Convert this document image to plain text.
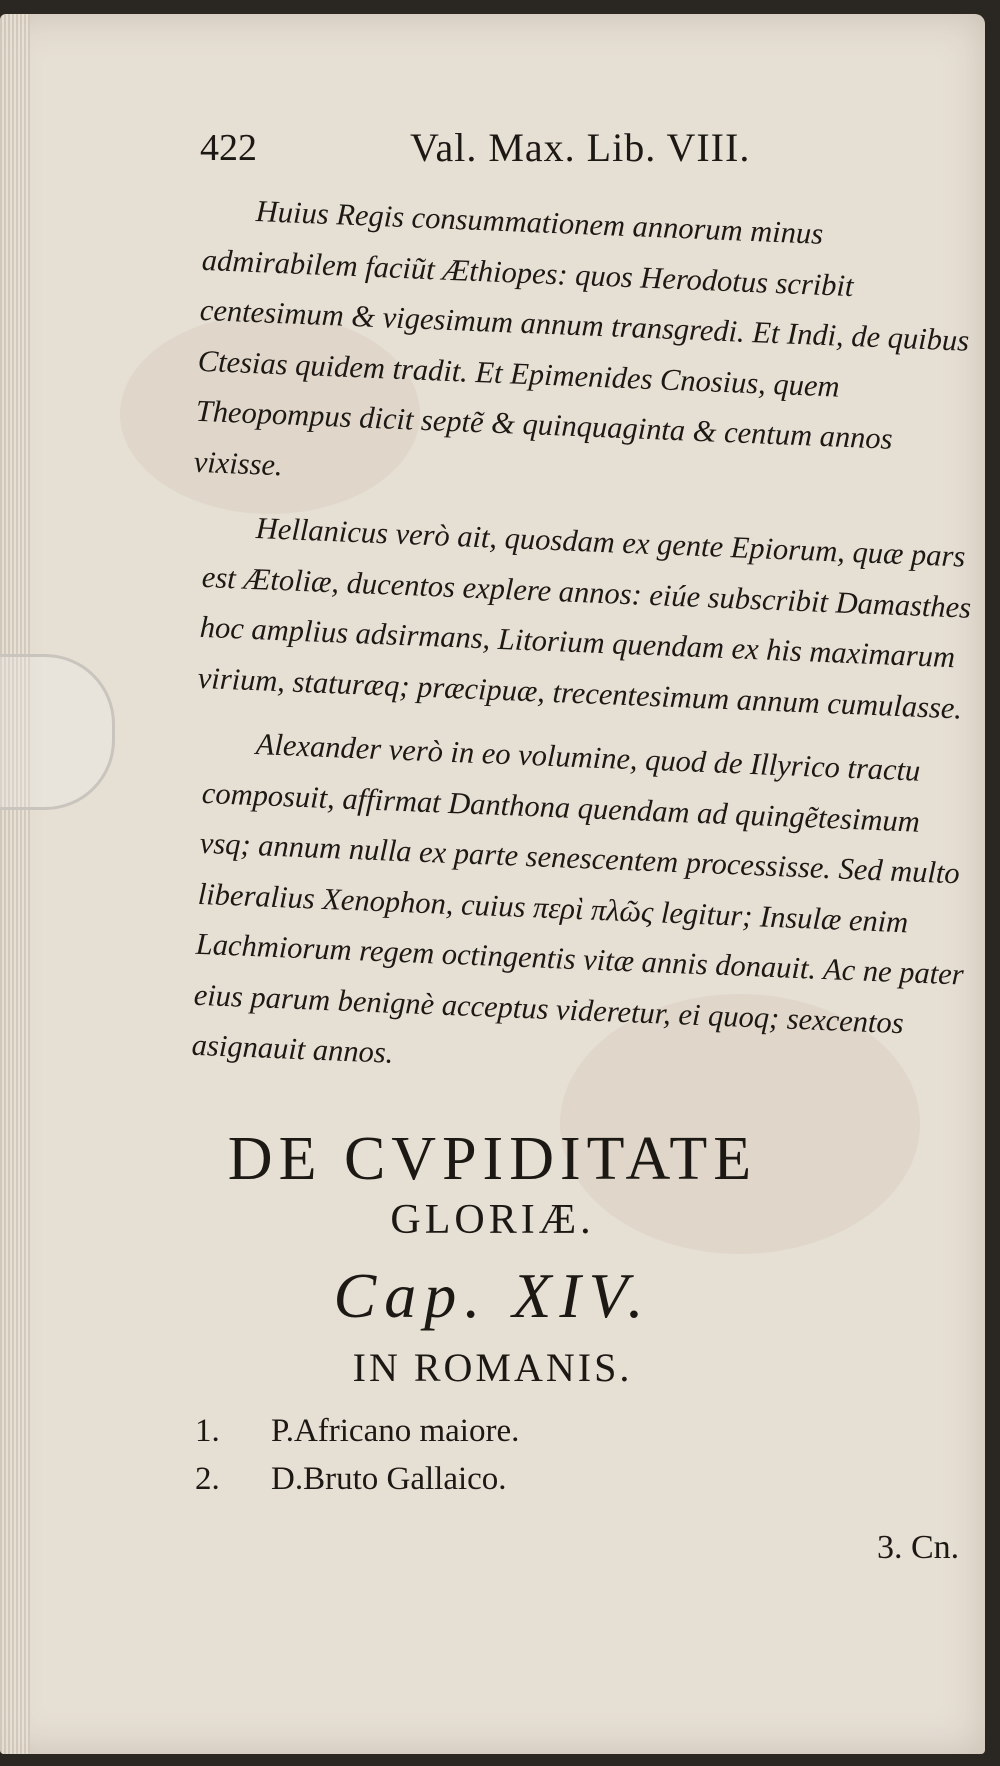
422	Val. Max. Lib. VIII.

Huius Regis consummationem annorum minus admirabilem faciũt Æthiopes: quos Herodotus scribit centesimum & vigesimum annum transgredi. Et Indi, de quibus Ctesias quidem tradit. Et Epimenides Cnosius, quem Theopompus dicit septẽ & quinquaginta & centum annos vixisse.

Hellanicus verò ait, quosdam ex gente Epiorum, quæ pars est Ætoliæ, ducentos explere annos: eiúe subscribit Damasthes hoc amplius adsirmans, Litorium quendam ex his maximarum virium, staturæq; præcipuæ, trecentesimum annum cumulasse.

Alexander verò in eo volumine, quod de Illyrico tractu composuit, affirmat Danthona quendam ad quingẽtesimum vsq; annum nulla ex parte senescentem processisse. Sed multo liberalius Xenophon, cuius περὶ πλῶς legitur; Insulæ enim Lachmiorum regem octingentis vitæ annis donauit. Ac ne pater eius parum benignè acceptus videretur, ei quoq; sexcentos asignauit annos.

DE CVPIDITATE
GLORIÆ.
Cap. XIV.
IN ROMANIS.
1.	P.Africano maiore.
2.	D.Bruto Gallaico.
3. Cn.
